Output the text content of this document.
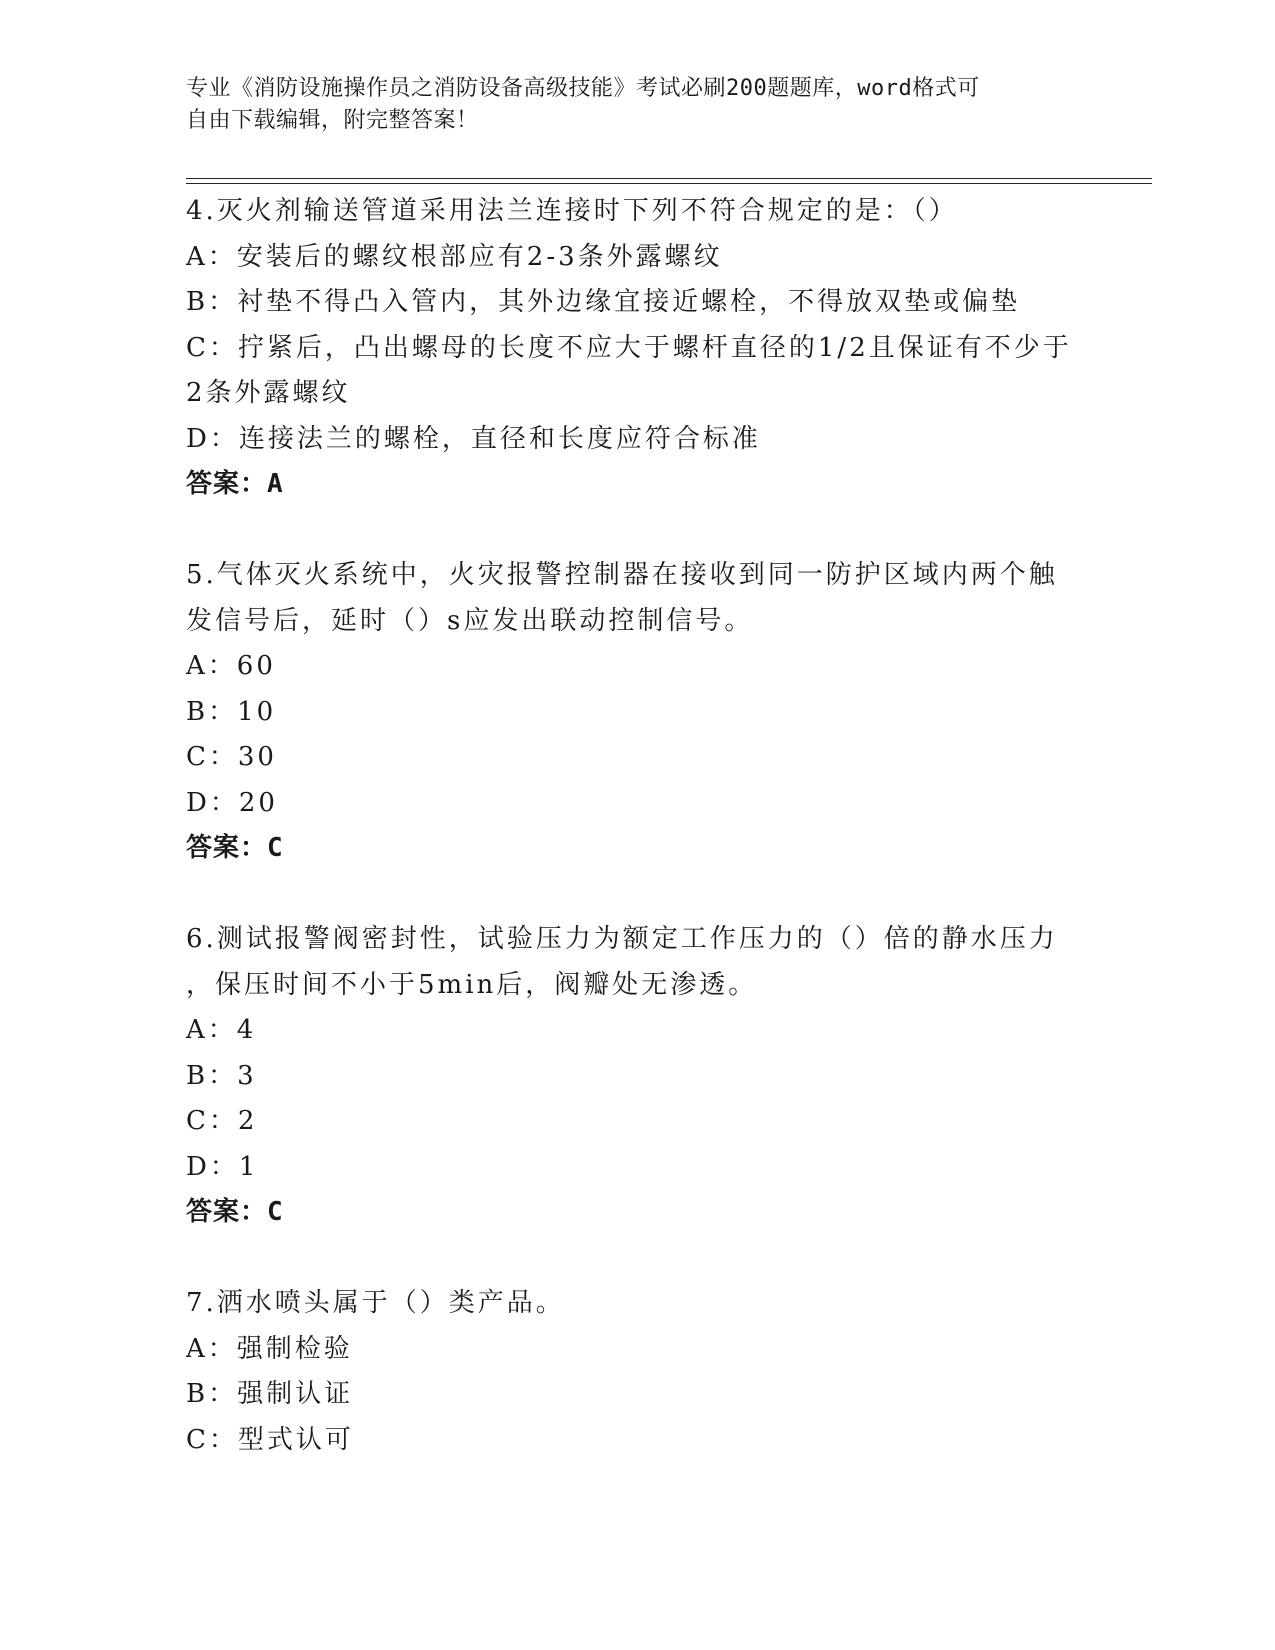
专业《消防设施操作员之消防设备高级技能》考试必刷200题题库，word格式可
自由下载编辑，附完整答案！
4.灭火剂输送管道采用法兰连接时下列不符合规定的是：（）
A：安装后的螺纹根部应有2-3条外露螺纹
B：衬垫不得凸入管内，其外边缘宜接近螺栓，不得放双垫或偏垫
C：拧紧后，凸出螺母的长度不应大于螺杆直径的1/2且保证有不少于
2条外露螺纹
D：连接法兰的螺栓，直径和长度应符合标准
答案：A
5.气体灭火系统中，火灾报警控制器在接收到同一防护区域内两个触
发信号后，延时（）s应发出联动控制信号。
A：60
B：10
C：30
D：20
答案：C
6.测试报警阀密封性，试验压力为额定工作压力的（）倍的静水压力
，保压时间不小于5min后，阀瓣处无渗透。
A：4
B：3
C：2
D：1
答案：C
7.洒水喷头属于（）类产品。
A：强制检验
B：强制认证
C：型式认可
